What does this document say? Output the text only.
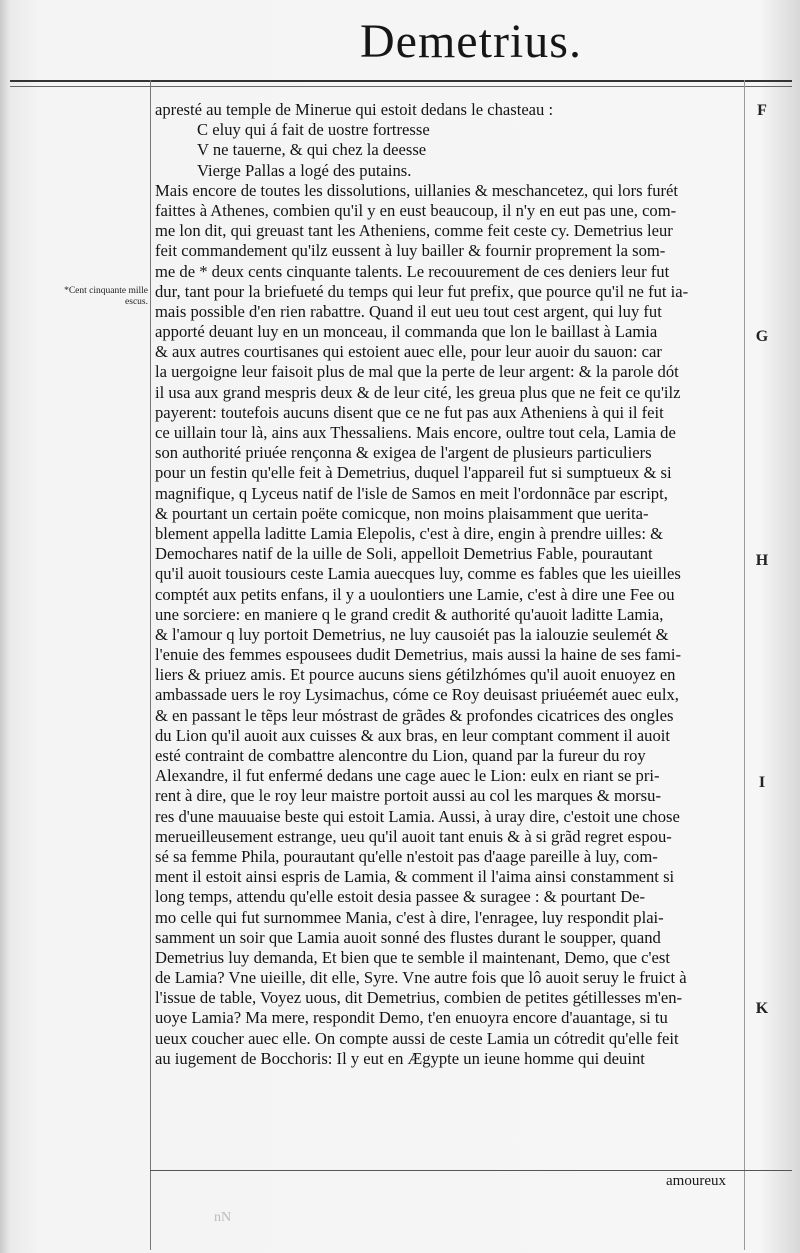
Demetrius.
*Cent cinquante mille escus.
F
G
H
I
K
apresté au temple de Minerue qui estoit dedans le chasteau :
C eluy qui á fait de uostre fortresse
V ne tauerne, & qui chez la deesse
Vierge Pallas a logé des putains.
Mais encore de toutes les dissolutions, uillanies & meschancetez, qui lors furét
faittes à Athenes, combien qu'il y en eust beaucoup, il n'y en eut pas une, com-
me lon dit, qui greuast tant les Atheniens, comme feit ceste cy. Demetrius leur
feit commandement qu'ilz eussent à luy bailler & fournir proprement la som-
me de * deux cents cinquante talents. Le recouurement de ces deniers leur fut
dur, tant pour la briefueté du temps qui leur fut prefix, que pource qu'il ne fut ia-
mais possible d'en rien rabattre. Quand il eut ueu tout cest argent, qui luy fut
apporté deuant luy en un monceau, il commanda que lon le baillast à Lamia
& aux autres courtisanes qui estoient auec elle, pour leur auoir du sauon: car
la uergoigne leur faisoit plus de mal que la perte de leur argent: & la parole dót
il usa aux grand mespris deux & de leur cité, les greua plus que ne feit ce qu'ilz
payerent: toutefois aucuns disent que ce ne fut pas aux Atheniens à qui il feit
ce uillain tour là, ains aux Thessaliens. Mais encore, oultre tout cela, Lamia de
son authorité priuée rençonna & exigea de l'argent de plusieurs particuliers
pour un festin qu'elle feit à Demetrius, duquel l'appareil fut si sumptueux & si
magnifique, q Lyceus natif de l'isle de Samos en meit l'ordonnãce par escript,
& pourtant un certain poëte comicque, non moins plaisamment que uerita-
blement appella laditte Lamia Elepolis, c'est à dire, engin à prendre uilles: &
Demochares natif de la uille de Soli, appelloit Demetrius Fable, pourautant
qu'il auoit tousiours ceste Lamia auecques luy, comme es fables que les uieilles
comptét aux petits enfans, il y a uoulontiers une Lamie, c'est à dire une Fee ou
une sorciere: en maniere q le grand credit & authorité qu'auoit laditte Lamia,
& l'amour q luy portoit Demetrius, ne luy causoiét pas la ialouzie seulemét &
l'enuie des femmes espousees dudit Demetrius, mais aussi la haine de ses fami-
liers & priuez amis. Et pource aucuns siens gétilzhómes qu'il auoit enuoyez en
ambassade uers le roy Lysimachus, cóme ce Roy deuisast priuéemét auec eulx,
& en passant le tẽps leur móstrast de grãdes & profondes cicatrices des ongles
du Lion qu'il auoit aux cuisses & aux bras, en leur comptant comment il auoit
esté contraint de combattre alencontre du Lion, quand par la fureur du roy
Alexandre, il fut enfermé dedans une cage auec le Lion: eulx en riant se pri-
rent à dire, que le roy leur maistre portoit aussi au col les marques & morsu-
res d'une mauuaise beste qui estoit Lamia. Aussi, à uray dire, c'estoit une chose
merueilleusement estrange, ueu qu'il auoit tant enuis & à si grãd regret espou-
sé sa femme Phila, pourautant qu'elle n'estoit pas d'aage pareille à luy, com-
ment il estoit ainsi espris de Lamia, & comment il l'aima ainsi constamment si
long temps, attendu qu'elle estoit desia passee & suragee : & pourtant De-
mo celle qui fut surnommee Mania, c'est à dire, l'enragee, luy respondit plai-
samment un soir que Lamia auoit sonné des flustes durant le soupper, quand
Demetrius luy demanda, Et bien que te semble il maintenant, Demo, que c'est
de Lamia? Vne uieille, dit elle, Syre. Vne autre fois que lô auoit seruy le fruict à
l'issue de table, Voyez uous, dit Demetrius, combien de petites gétillesses m'en-
uoye Lamia? Ma mere, respondit Demo, t'en enuoyra encore d'auantage, si tu
ueux coucher auec elle. On compte aussi de ceste Lamia un cótredit qu'elle feit
au iugement de Bocchoris: Il y eut en Ægypte un ieune homme qui deuint
amoureux
nN
